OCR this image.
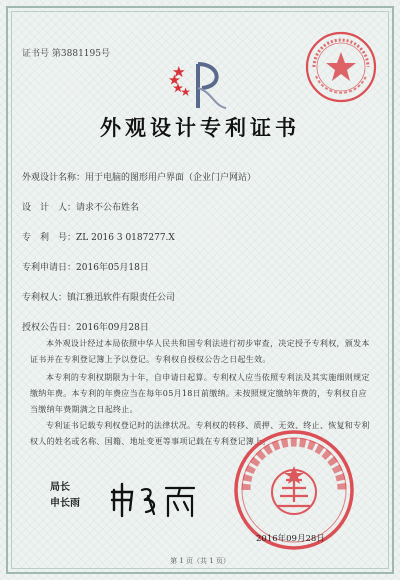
证书号 第3881195号
外观设计专利证书
外观设计名称：用于电脑的图形用户界面（企业门户网站）
设　计　人：请求不公布姓名
专　利　号：ZL 2016 3 0187277.X
专利申请日：2016年05月18日
专利权人：镇江雅迅软件有限责任公司
授权公告日：2016年09月28日
本外观设计经过本局依照中华人民共和国专利法进行初步审查，决定授予专利权，颁发本证书并在专利登记簿上予以登记。专利权自授权公告之日起生效。
本专利的专利权期限为十年，自申请日起算。专利权人应当依照专利法及其实施细则规定缴纳年费。本专利的年费应当在每年05月18日前缴纳。未按照规定缴纳年费的，专利权自应当缴纳年费期满之日起终止。
专利证书记载专利权登记时的法律状况。专利权的转移、质押、无效、终止、恢复和专利权人的姓名或名称、国籍、地址变更等事项记载在专利登记簿上。
局长
申长雨
2016年09月28日
第 1 页（共 1 页）
